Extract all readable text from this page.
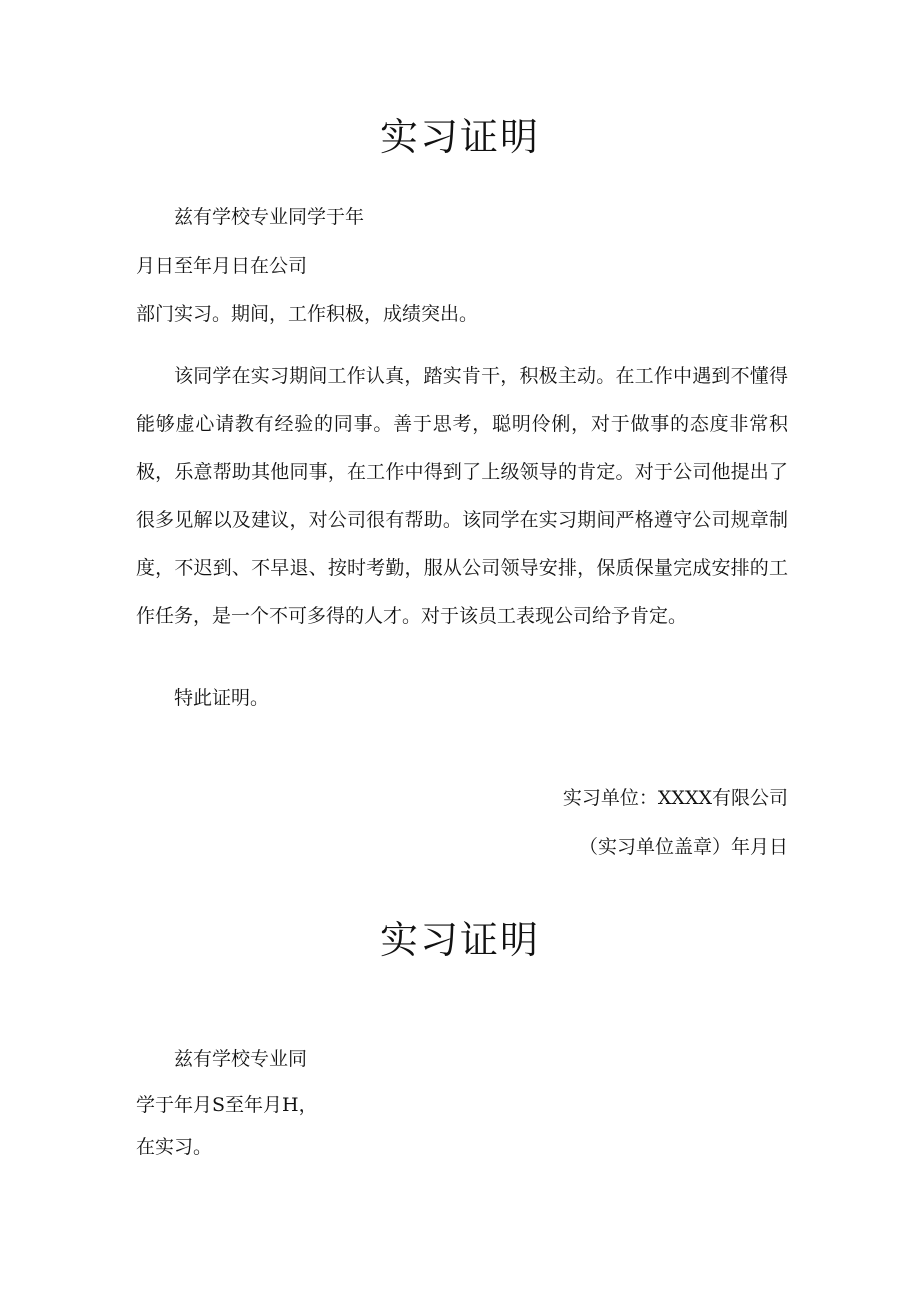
实习证明

兹有学校专业同学于年

月日至年月日在公司

部门实习。期间，工作积极，成绩突出。

该同学在实习期间工作认真，踏实肯干，积极主动。在工作中遇到不懂得能够虚心请教有经验的同事。善于思考，聪明伶俐，对于做事的态度非常积极，乐意帮助其他同事，在工作中得到了上级领导的肯定。对于公司他提出了很多见解以及建议，对公司很有帮助。该同学在实习期间严格遵守公司规章制度，不迟到、不早退、按时考勤，服从公司领导安排，保质保量完成安排的工作任务，是一个不可多得的人才。对于该员工表现公司给予肯定。

特此证明。

实习单位：XXXX有限公司

（实习单位盖章）年月日

实习证明

兹有学校专业同

学于年月S至年月H，

在实习。
